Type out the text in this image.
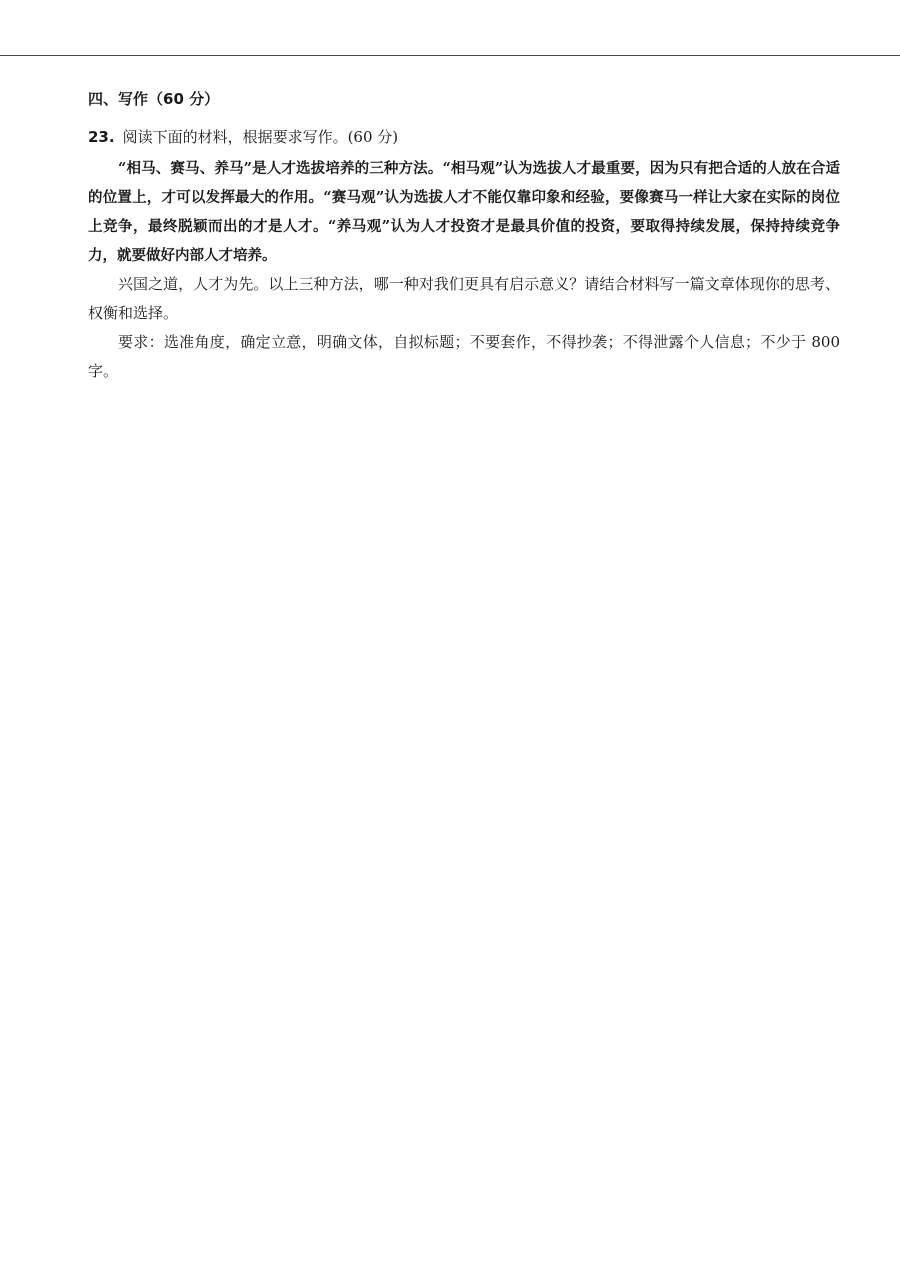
四、写作（60 分）
23. 阅读下面的材料，根据要求写作。(60 分)

“相马、赛马、养马”是人才选拔培养的三种方法。“相马观”认为选拔人才最重要，因为只有把合适的人放在合适的位置上，才可以发挥最大的作用。“赛马观”认为选拔人才不能仅靠印象和经验，要像赛马一样让大家在实际的岗位上竞争，最终脱颖而出的才是人才。“养马观”认为人才投资才是最具价值的投资，要取得持续发展，保持持续竞争力，就要做好内部人才培养。

兴国之道，人才为先。以上三种方法，哪一种对我们更具有启示意义？请结合材料写一篇文章体现你的思考、权衡和选择。

要求：选准角度，确定立意，明确文体，自拟标题；不要套作，不得抄袭；不得泄露个人信息；不少于 800 字。
